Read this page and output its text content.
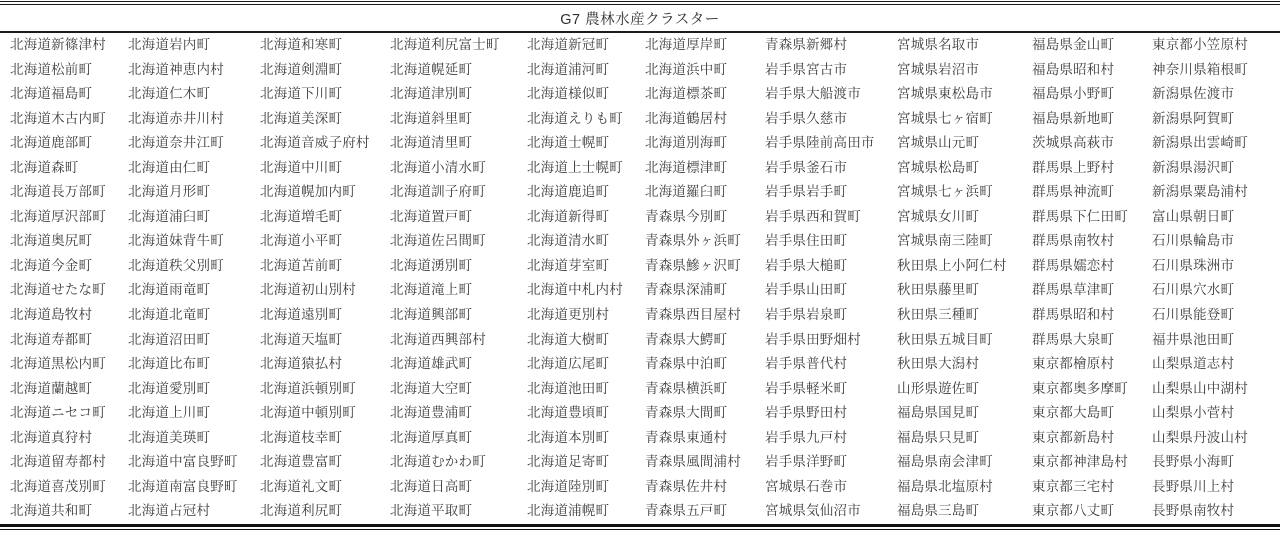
G7 農林水産クラスター
北海道新篠津村	北海道岩内町	北海道和寒町	北海道利尻富士町	北海道新冠町	北海道厚岸町	青森県新郷村	宮城県名取市	福島県金山町	東京都小笠原村
北海道松前町	北海道神恵内村	北海道剣淵町	北海道幌延町	北海道浦河町	北海道浜中町	岩手県宮古市	宮城県岩沼市	福島県昭和村	神奈川県箱根町
北海道福島町	北海道仁木町	北海道下川町	北海道津別町	北海道様似町	北海道標茶町	岩手県大船渡市	宮城県東松島市	福島県小野町	新潟県佐渡市
北海道木古内町	北海道赤井川村	北海道美深町	北海道斜里町	北海道えりも町	北海道鶴居村	岩手県久慈市	宮城県七ヶ宿町	福島県新地町	新潟県阿賀町
北海道鹿部町	北海道奈井江町	北海道音威子府村	北海道清里町	北海道士幌町	北海道別海町	岩手県陸前高田市	宮城県山元町	茨城県高萩市	新潟県出雲崎町
北海道森町	北海道由仁町	北海道中川町	北海道小清水町	北海道上士幌町	北海道標津町	岩手県釜石市	宮城県松島町	群馬県上野村	新潟県湯沢町
北海道長万部町	北海道月形町	北海道幌加内町	北海道訓子府町	北海道鹿追町	北海道羅臼町	岩手県岩手町	宮城県七ヶ浜町	群馬県神流町	新潟県粟島浦村
北海道厚沢部町	北海道浦臼町	北海道増毛町	北海道置戸町	北海道新得町	青森県今別町	岩手県西和賀町	宮城県女川町	群馬県下仁田町	富山県朝日町
北海道奥尻町	北海道妹背牛町	北海道小平町	北海道佐呂間町	北海道清水町	青森県外ヶ浜町	岩手県住田町	宮城県南三陸町	群馬県南牧村	石川県輪島市
北海道今金町	北海道秩父別町	北海道苫前町	北海道湧別町	北海道芽室町	青森県鰺ヶ沢町	岩手県大槌町	秋田県上小阿仁村	群馬県嬬恋村	石川県珠洲市
北海道せたな町	北海道雨竜町	北海道初山別村	北海道滝上町	北海道中札内村	青森県深浦町	岩手県山田町	秋田県藤里町	群馬県草津町	石川県穴水町
北海道島牧村	北海道北竜町	北海道遠別町	北海道興部町	北海道更別村	青森県西目屋村	岩手県岩泉町	秋田県三種町	群馬県昭和村	石川県能登町
北海道寿都町	北海道沼田町	北海道天塩町	北海道西興部村	北海道大樹町	青森県大鰐町	岩手県田野畑村	秋田県五城目町	群馬県大泉町	福井県池田町
北海道黒松内町	北海道比布町	北海道猿払村	北海道雄武町	北海道広尾町	青森県中泊町	岩手県普代村	秋田県大潟村	東京都檜原村	山梨県道志村
北海道蘭越町	北海道愛別町	北海道浜頓別町	北海道大空町	北海道池田町	青森県横浜町	岩手県軽米町	山形県遊佐町	東京都奥多摩町	山梨県山中湖村
北海道ニセコ町	北海道上川町	北海道中頓別町	北海道豊浦町	北海道豊頃町	青森県大間町	岩手県野田村	福島県国見町	東京都大島町	山梨県小菅村
北海道真狩村	北海道美瑛町	北海道枝幸町	北海道厚真町	北海道本別町	青森県東通村	岩手県九戸村	福島県只見町	東京都新島村	山梨県丹波山村
北海道留寿都村	北海道中富良野町	北海道豊富町	北海道むかわ町	北海道足寄町	青森県風間浦村	岩手県洋野町	福島県南会津町	東京都神津島村	長野県小海町
北海道喜茂別町	北海道南富良野町	北海道礼文町	北海道日高町	北海道陸別町	青森県佐井村	宮城県石巻市	福島県北塩原村	東京都三宅村	長野県川上村
北海道共和町	北海道占冠村	北海道利尻町	北海道平取町	北海道浦幌町	青森県五戸町	宮城県気仙沼市	福島県三島町	東京都八丈町	長野県南牧村
